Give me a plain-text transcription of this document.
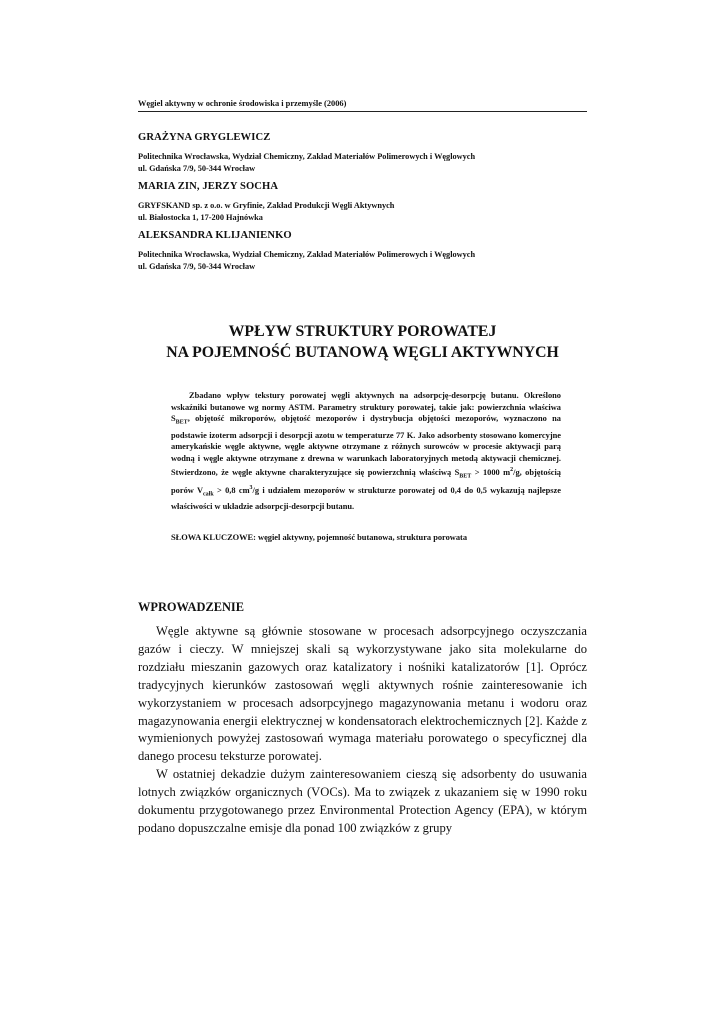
Węgiel aktywny w ochronie środowiska i przemyśle (2006)
GRAŻYNA GRYGLEWICZ
Politechnika Wrocławska, Wydział Chemiczny, Zakład Materiałów Polimerowych i Węglowych
ul. Gdańska 7/9, 50-344 Wrocław
MARIA ZIN, JERZY SOCHA
GRYFSKAND sp. z o.o. w Gryfinie, Zakład Produkcji Węgli Aktywnych
ul. Białostocka 1, 17-200 Hajnówka
ALEKSANDRA KLIJANIENKO
Politechnika Wrocławska, Wydział Chemiczny, Zakład Materiałów Polimerowych i Węglowych
ul. Gdańska 7/9, 50-344 Wrocław
WPŁYW STRUKTURY POROWATEJ
NA POJEMNOŚĆ BUTANOWĄ WĘGLI AKTYWNYCH

Zbadano wpływ tekstury porowatej węgli aktywnych na adsorpcję-desorpcję butanu. Określono wskaźniki butanowe wg normy ASTM. Parametry struktury porowatej, takie jak: powierzchnia właściwa $S_{BET}$, objętość mikroporów, objętość mezoporów i dystrybucja objętości mezoporów, wyznaczono na podstawie izoterm adsorpcji i desorpcji azotu w temperaturze 77 K. Jako adsorbenty stosowano komercyjne amerykańskie węgle aktywne, węgle aktywne otrzymane z różnych surowców w procesie aktywacji parą wodną i węgle aktywne otrzymane z drewna w warunkach laboratoryjnych metodą aktywacji chemicznej. Stwierdzono, że węgle aktywne charakteryzujące się powierzchnią właściwą $S_{BET} > 1000$ $m^2/g$, objętością porów $V_{całk} > 0,8$ $cm^3/g$ i udziałem mezoporów w strukturze porowatej od 0,4 do 0,5 wykazują najlepsze właściwości w układzie adsorpcji-desorpcji butanu.

SŁOWA KLUCZOWE: węgiel aktywny, pojemność butanowa, struktura porowata
WPROWADZENIE

Węgle aktywne są głównie stosowane w procesach adsorpcyjnego oczyszczania gazów i cieczy. W mniejszej skali są wykorzystywane jako sita molekularne do rozdziału mieszanin gazowych oraz katalizatory i nośniki katalizatorów [1]. Oprócz tradycyjnych kierunków zastosowań węgli aktywnych rośnie zainteresowanie ich wykorzystaniem w procesach adsorpcyjnego magazynowania metanu i wodoru oraz magazynowania energii elektrycznej w kondensatorach elektrochemicznych [2]. Każde z wymienionych powyżej zastosowań wymaga materiału porowatego o specyficznej dla danego procesu teksturze porowatej.

W ostatniej dekadzie dużym zainteresowaniem cieszą się adsorbenty do usuwania lotnych związków organicznych (VOCs). Ma to związek z ukazaniem się w 1990 roku dokumentu przygotowanego przez Environmental Protection Agency (EPA), w którym podano dopuszczalne emisje dla ponad 100 związków z grupy
